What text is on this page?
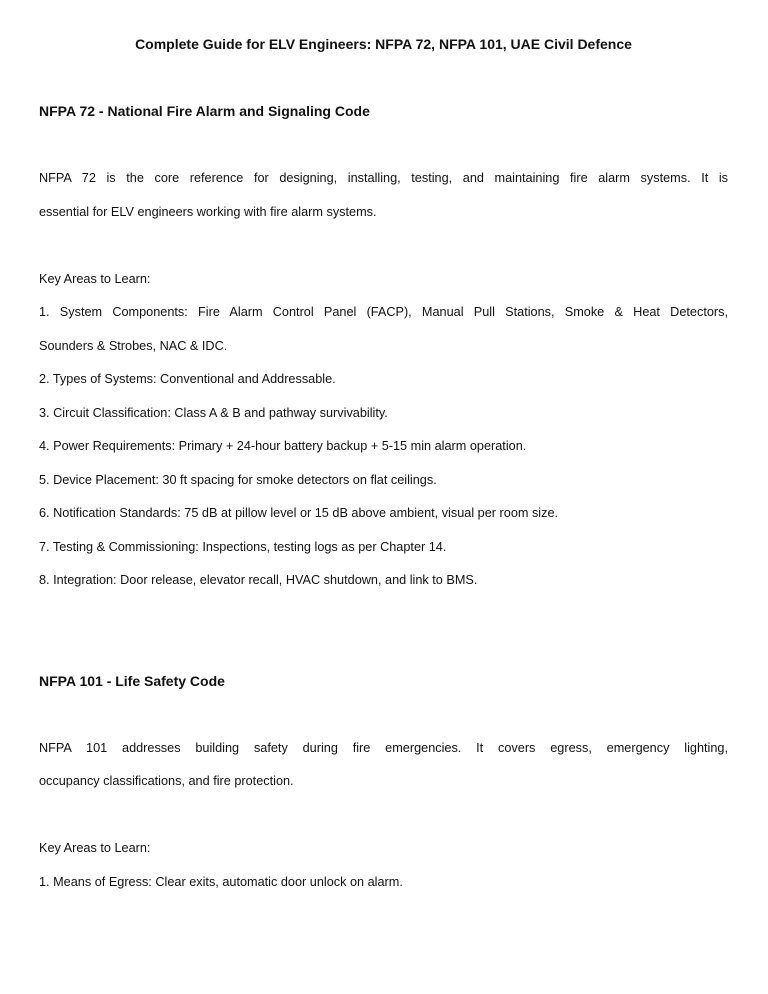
Complete Guide for ELV Engineers: NFPA 72, NFPA 101, UAE Civil Defence
NFPA 72 - National Fire Alarm and Signaling Code
NFPA 72 is the core reference for designing, installing, testing, and maintaining fire alarm systems. It is
essential for ELV engineers working with fire alarm systems.
Key Areas to Learn:
1. System Components: Fire Alarm Control Panel (FACP), Manual Pull Stations, Smoke & Heat Detectors,
Sounders & Strobes, NAC & IDC.
2. Types of Systems: Conventional and Addressable.
3. Circuit Classification: Class A & B and pathway survivability.
4. Power Requirements: Primary + 24-hour battery backup + 5-15 min alarm operation.
5. Device Placement: 30 ft spacing for smoke detectors on flat ceilings.
6. Notification Standards: 75 dB at pillow level or 15 dB above ambient, visual per room size.
7. Testing & Commissioning: Inspections, testing logs as per Chapter 14.
8. Integration: Door release, elevator recall, HVAC shutdown, and link to BMS.
NFPA 101 - Life Safety Code
NFPA 101 addresses building safety during fire emergencies. It covers egress, emergency lighting,
occupancy classifications, and fire protection.
Key Areas to Learn:
1. Means of Egress: Clear exits, automatic door unlock on alarm.
